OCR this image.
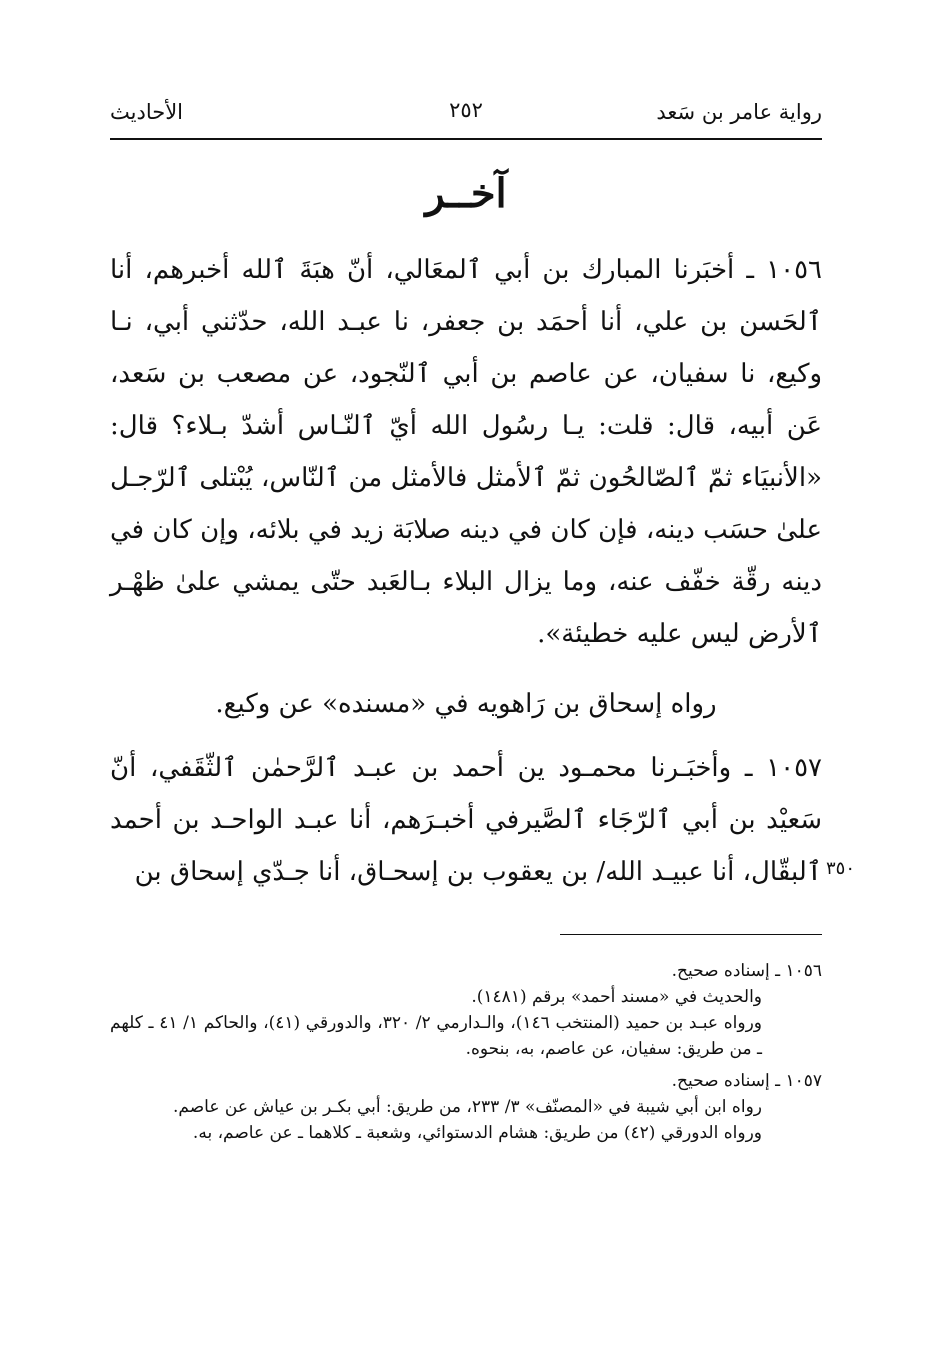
رواية عامر بن سَعد
٢٥٢
الأحاديث
آخــر

١٠٥٦ ـ أخبَرنا المبارك بن أبي ٱلمعَالي، أنّ هبَةَ ٱلله أخبرهم، أنا ٱلحَسن بن علي، أنا أحمَد بن جعفر، نا عبـد الله، حدّثني أبي، نـا وكيع، نا سفيان، عن عاصم بن أبي ٱلنّجود، عن مصعب بن سَعد، عَن أبيه، قال: قلت: يـا رسُول الله أيّ ٱلنّـاس أشدّ بـلاء؟ قال: «الأنبيَاء ثمّ ٱلصّالحُون ثمّ ٱلأمثل فالأمثل من ٱلنّاس، يُبْتلى ٱلرّجـل علىٰ حسَب دينه، فإن كان في دينه صلابَة زيد في بلائه، وإن كان في دينه رقّة خفّف عنه، وما يزال البلاء بـالعَبد حتّى يمشي علىٰ ظهْـر ٱلأرض ليس عليه خطيئة».

رواه إسحاق بن رَاهويه في «مسنده» عن وكيع.

١٠٥٧ ـ وأخبَـرنا محمـود ين أحمد بن عبـد ٱلرَّحمٰن ٱلثّقَفي، أنّ سَعيْد بن أبي ٱلرّجَاء ٱلصَّيرفي أخبـرَهم، أنا عبـد الواحـد بن أحمد ٱلبقّال، أنا عبيـد الله/ بن يعقوب بن إسحـاق، أنا جـدّي إسحاق بن ٣٥٠

١٠٥٦ ـ إسناده صحيح.

والحديث في «مسند أحمد» برقم (١٤٨١).

ورواه عبـد بن حميد (المنتخب ١٤٦)، والـدارمي ٢/ ٣٢٠، والدورقي (٤١)، والحاكم ١/ ٤١ ـ كلهم ـ من طريق: سفيان، عن عاصم، به، بنحوه.

١٠٥٧ ـ إسناده صحيح.

رواه ابن أبي شيبة في «المصنّف» ٣/ ٢٣٣، من طريق: أبي بكـر بن عياش عن عاصم.

ورواه الدورقي (٤٢) من طريق: هشام الدستوائي، وشعبة ـ كلاهما ـ عن عاصم، به.
